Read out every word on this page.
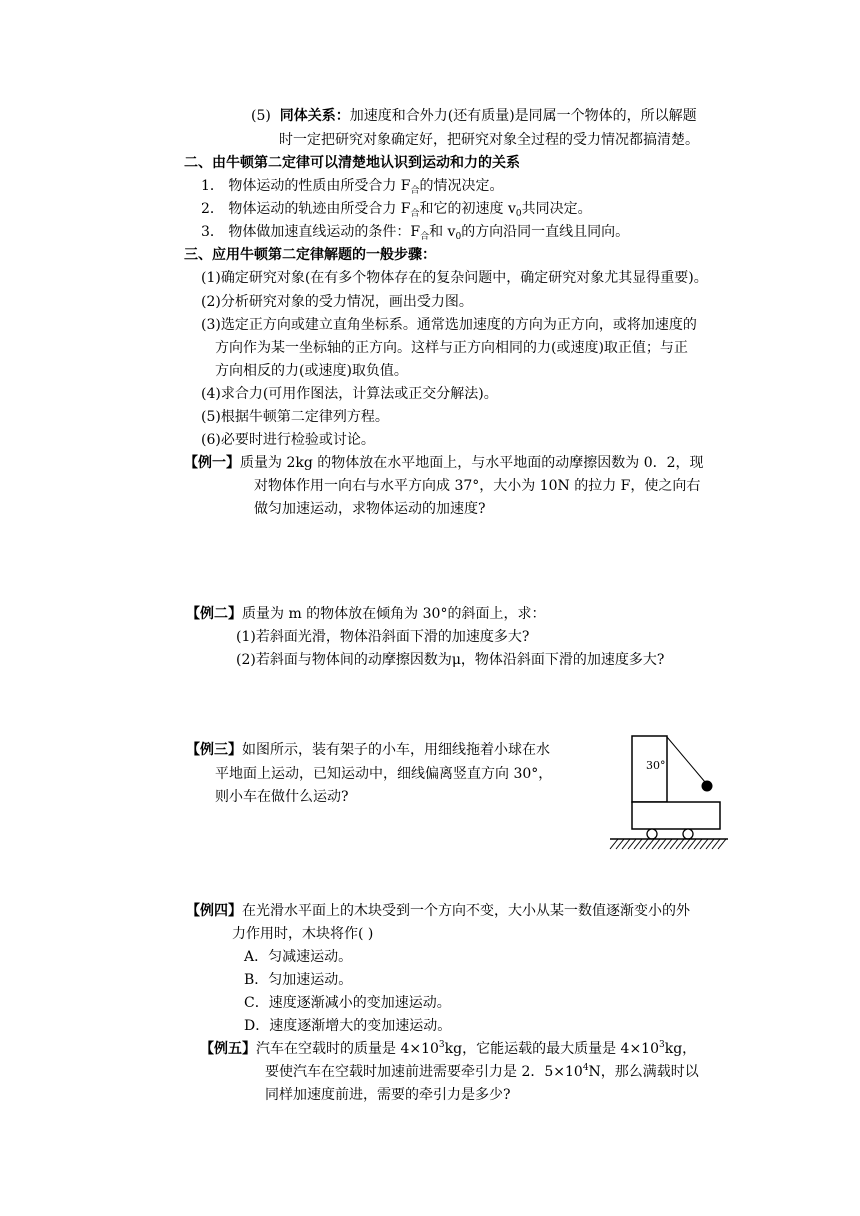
(5) 同体关系：加速度和合外力(还有质量)是同属一个物体的，所以解题
时一定把研究对象确定好，把研究对象全过程的受力情况都搞清楚。
二、由牛顿第二定律可以清楚地认识到运动和力的关系
1． 物体运动的性质由所受合力 $F_合$的情况决定。
2． 物体运动的轨迹由所受合力 $F_合$和它的初速度 $v_0$共同决定。
3． 物体做加速直线运动的条件：$F_合$和 $v_0$的方向沿同一直线且同向。
三、应用牛顿第二定律解题的一般步骤：
(1)确定研究对象(在有多个物体存在的复杂问题中，确定研究对象尤其显得重要)。
(2)分析研究对象的受力情况，画出受力图。
(3)选定正方向或建立直角坐标系。通常选加速度的方向为正方向，或将加速度的
方向作为某一坐标轴的正方向。这样与正方向相同的力(或速度)取正值；与正
方向相反的力(或速度)取负值。
(4)求合力(可用作图法，计算法或正交分解法)。
(5)根据牛顿第二定律列方程。
(6)必要时进行检验或讨论。
【例一】质量为 2kg 的物体放在水平地面上，与水平地面的动摩擦因数为 0．2，现
对物体作用一向右与水平方向成 37°，大小为 10N 的拉力 F，使之向右
做匀加速运动，求物体运动的加速度?
【例二】质量为 m 的物体放在倾角为 30°的斜面上，求：
(1)若斜面光滑，物体沿斜面下滑的加速度多大?
(2)若斜面与物体间的动摩擦因数为μ，物体沿斜面下滑的加速度多大?
【例三】如图所示，装有架子的小车，用细线拖着小球在水
平地面上运动，已知运动中，细线偏离竖直方向 30°，
则小车在做什么运动?
30°
【例四】在光滑水平面上的木块受到一个方向不变，大小从某一数值逐渐变小的外
力作用时，木块将作( )
A．匀减速运动。
B．匀加速运动。
C．速度逐渐减小的变加速运动。
D．速度逐渐增大的变加速运动。
【例五】汽车在空载时的质量是 $4\times 10^3kg$，它能运载的最大质量是 $4\times 10^3kg$，
要使汽车在空载时加速前进需要牵引力是 2．$5\times 10^4N$，那么满载时以
同样加速度前进，需要的牵引力是多少?
